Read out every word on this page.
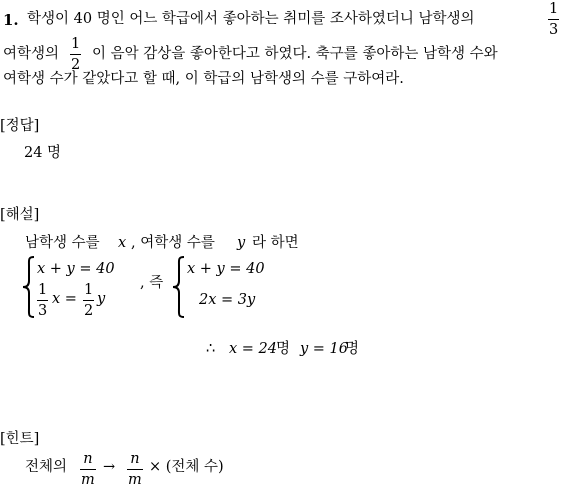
1. 학생이 40 명인 어느 학급에서 좋아하는 취미를 조사하였더니 남학생의
1
3
여학생의
1
2
이 음악 감상을 좋아한다고 하였다. 축구를 좋아하는 남학생 수와
여학생 수가 같았다고 할 때, 이 학급의 남학생의 수를 구하여라.
[정답]
24 명
[해설]
남학생 수를 x , 여학생 수를 y 라 하면
x + y = 40
1
3
x =
1
2
y
, 즉
x + y = 40
2x = 3y
∴ x = 24 명 y = 16
명
[힌트]
전체의 n
m
→ n
m
× (전체 수)
